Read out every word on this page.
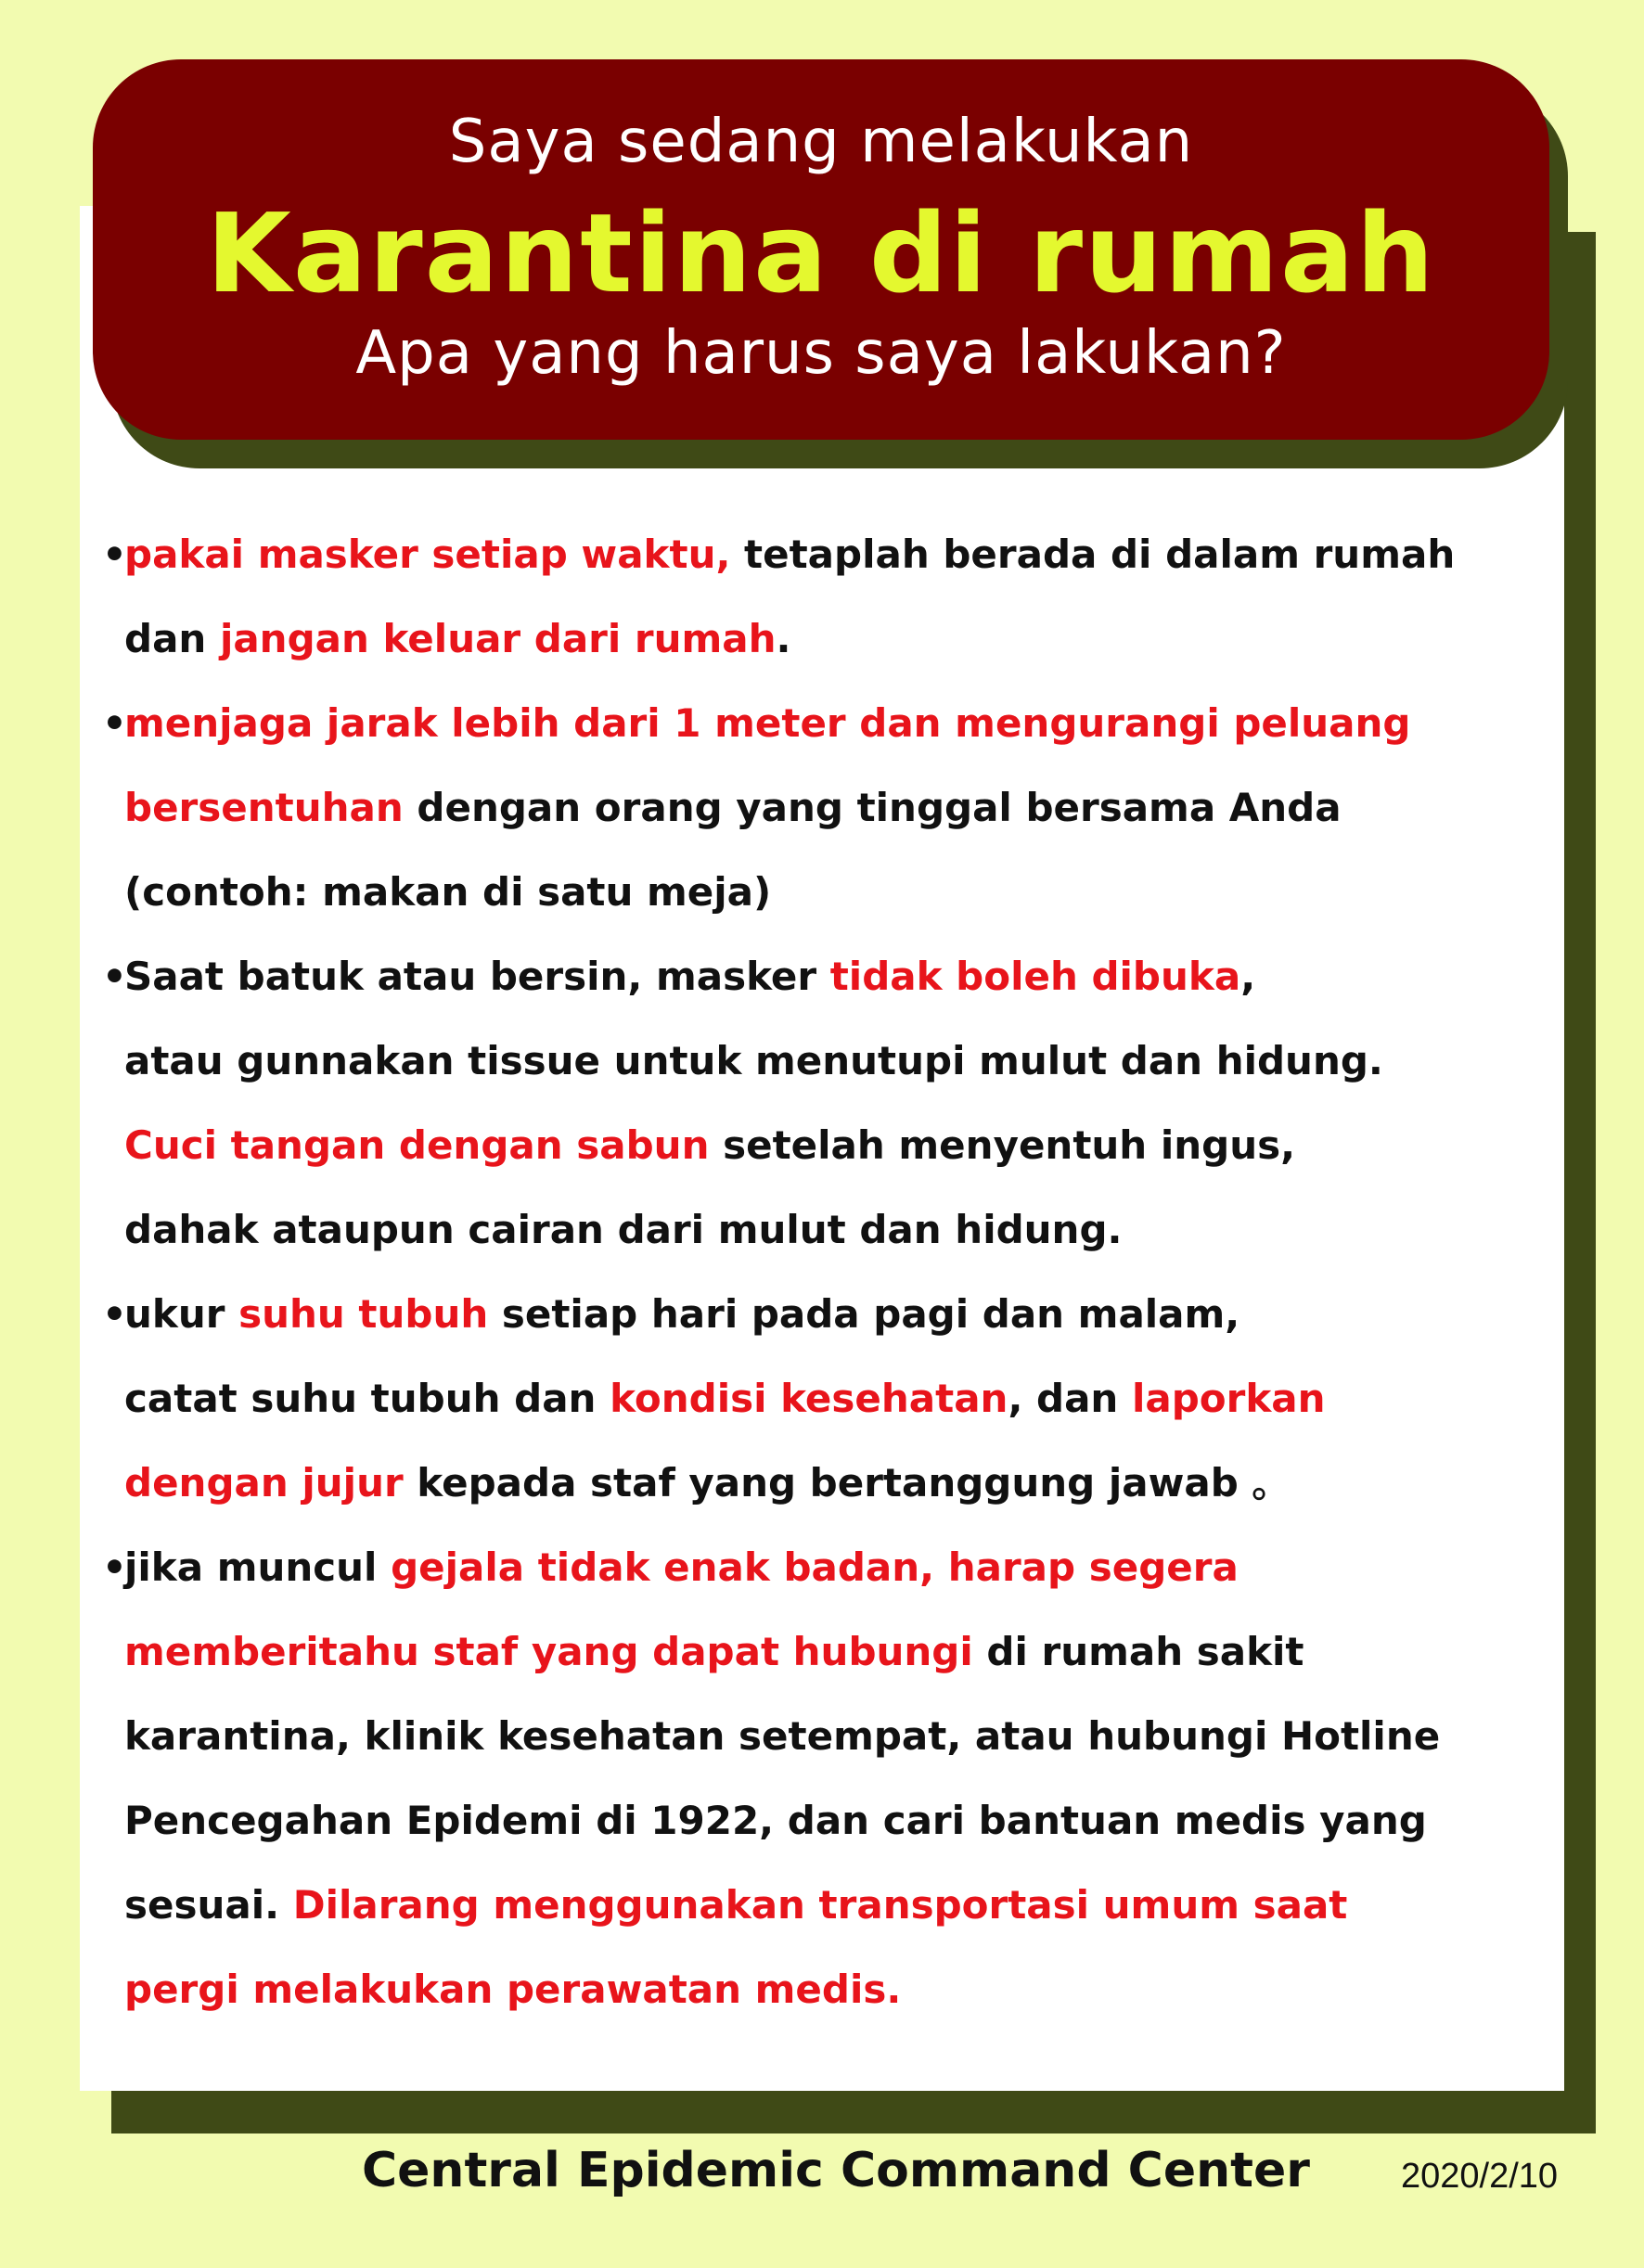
Saya sedang melakukan
Karantina di rumah
Apa yang harus saya lakukan?
•
pakai masker setiap waktu, tetaplah berada di dalam rumah
dan jangan keluar dari rumah.
•
menjaga jarak lebih dari 1 meter dan mengurangi peluang
bersentuhan dengan orang yang tinggal bersama Anda
(contoh: makan di satu meja)
•
Saat batuk atau bersin, masker tidak boleh dibuka,
atau gunnakan tissue untuk menutupi mulut dan hidung.
Cuci tangan dengan sabun setelah menyentuh ingus,
dahak ataupun cairan dari mulut dan hidung.
•
ukur suhu tubuh setiap hari pada pagi dan malam,
catat suhu tubuh dan kondisi kesehatan, dan laporkan
dengan jujur kepada staf yang bertanggung jawab 。
•
jika muncul gejala tidak enak badan, harap segera
memberitahu staf yang dapat hubungi di rumah sakit
karantina, klinik kesehatan setempat, atau hubungi Hotline
Pencegahan Epidemi di 1922, dan cari bantuan medis yang
sesuai. Dilarang menggunakan transportasi umum saat
pergi melakukan perawatan medis.
Central Epidemic Command Center	2020/2/10
